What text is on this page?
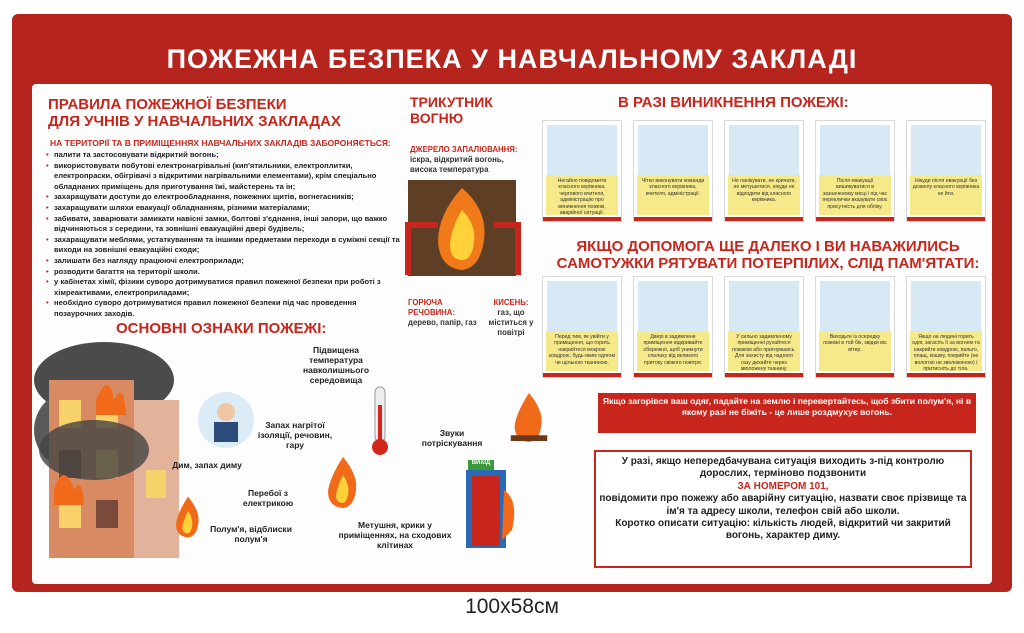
ПОЖЕЖНА БЕЗПЕКА У НАВЧАЛЬНОМУ ЗАКЛАДІ
ПРАВИЛА ПОЖЕЖНОЇ БЕЗПЕКИ
ДЛЯ УЧНІВ У НАВЧАЛЬНИХ ЗАКЛАДАХ
НА ТЕРИТОРІЇ ТА В ПРИМІЩЕННЯХ НАВЧАЛЬНИХ ЗАКЛАДІВ ЗАБОРОНЯЄТЬСЯ:
• палити та застосовувати відкритий вогонь;
• використовувати побутові електронагрівальні (кип'ятильники, електроплитки, електропраски, обігрівачі з відкритими нагрівальними елементами), крім спеціально обладнаних приміщень для приготування їжі, майстерень та ін;
• захаращувати доступи до електрообладнання, пожежних щитів, вогнегасників;
• захаращувати шляхи евакуації обладнанням, різними матеріалами;
• забивати, заварювати замикати навісні замки, болтові з'єднання, інші запори, що важко відчиняються з середини, та зовнішні евакуаційні двері будівель;
• захаращувати меблями, устаткуванням та іншими предметами переходи в суміжні секції та виходи на зовнішні евакуаційні сходи;
• залишати без нагляду працюючі електроприлади;
• розводити багаття на території школи.
• у кабінетах хімії, фізики суворо дотримуватися правил пожежної безпеки при роботі з хімреактивами, електроприладами;
• необхідно суворо дотримуватися правил пожежної безпеки під час проведення позаурочних заходів.
ОСНОВНІ ОЗНАКИ ПОЖЕЖІ:
Підвищена температура навколишнього середовища
Запах нагрітої ізоляції, речовин, гару
Дим, запах диму
Перебої з електрикою
Полум'я, відблиски полум'я
Звуки потріскування
Метушня, крики у приміщеннях, на сходових клітинах
ВИХІД
ТРИКУТНИК
ВОГНЮ
ДЖЕРЕЛО ЗАПАЛЮВАННЯ:
іскра, відкритий вогонь, висока температура
ГОРЮЧА РЕЧОВИНА:
дерево, папір, газ
КИСЕНЬ:
газ, що міститься у повітрі
В РАЗІ ВИНИКНЕННЯ ПОЖЕЖІ:
Негайно повідомити класного керівника, чергового вчителя, адміністрацію про виникнення пожежі, аварійної ситуації.
Чітко виконувати команди класного керівника, вчителя, адміністрації.
Не панікувати, не кричати, не метушитися, нікуди не відходити від класного керівника.
Після евакуації вишикуватися в зазначеному місці і під час переклички вказувати своє присутність для обліку.
Нікуди після евакуації без дозволу класного керівника не йти.
ЯКЩО ДОПОМОГА ЩЕ ДАЛЕКО І ВИ НАВАЖИЛИСЬ
САМОТУЖКИ РЯТУВАТИ ПОТЕРПІЛИХ, СЛІД ПАМ'ЯТАТИ:
Перед тим, як увійти у приміщення, що горить накрийтеся мокрою ковдрою, будь-яким одягом чи щільною тканиною.
Двері в задимлене приміщення відкривайте обережно, щоб уникнути спалаху від великого притоку свіжого повітря.
У сильно задимленому приміщенні рухайтеся повзком або пригнувшись. Для захисту від чадного газу дихайте через зволожену тканину.
Виходьте із осередку пожежі в той бік, звідки віє вітер.
Якщо на людині горить одяг, загасіть її за вогнем та накрийте ковдрою, пальто, плащ, кошму, покрийте (не вологою не зволоженою) і притисніть до тіла.
Якщо загорівся ваш одяг, падайте на землю і перевертайтесь, щоб збити полум'я, ні в якому разі не біжіть - це лише роздмухує вогонь.
У разі, якщо непередбачувана ситуація виходить з-під контролю дорослих, терміново подзвонити
ЗА НОМЕРОМ 101,
повідомити про пожежу або аварійну ситуацію, назвати своє прізвище та ім'я та адресу школи, телефон свій або школи.
Коротко описати ситуацію: кількість людей, відкритий чи закритий вогонь, характер диму.
100x58см
